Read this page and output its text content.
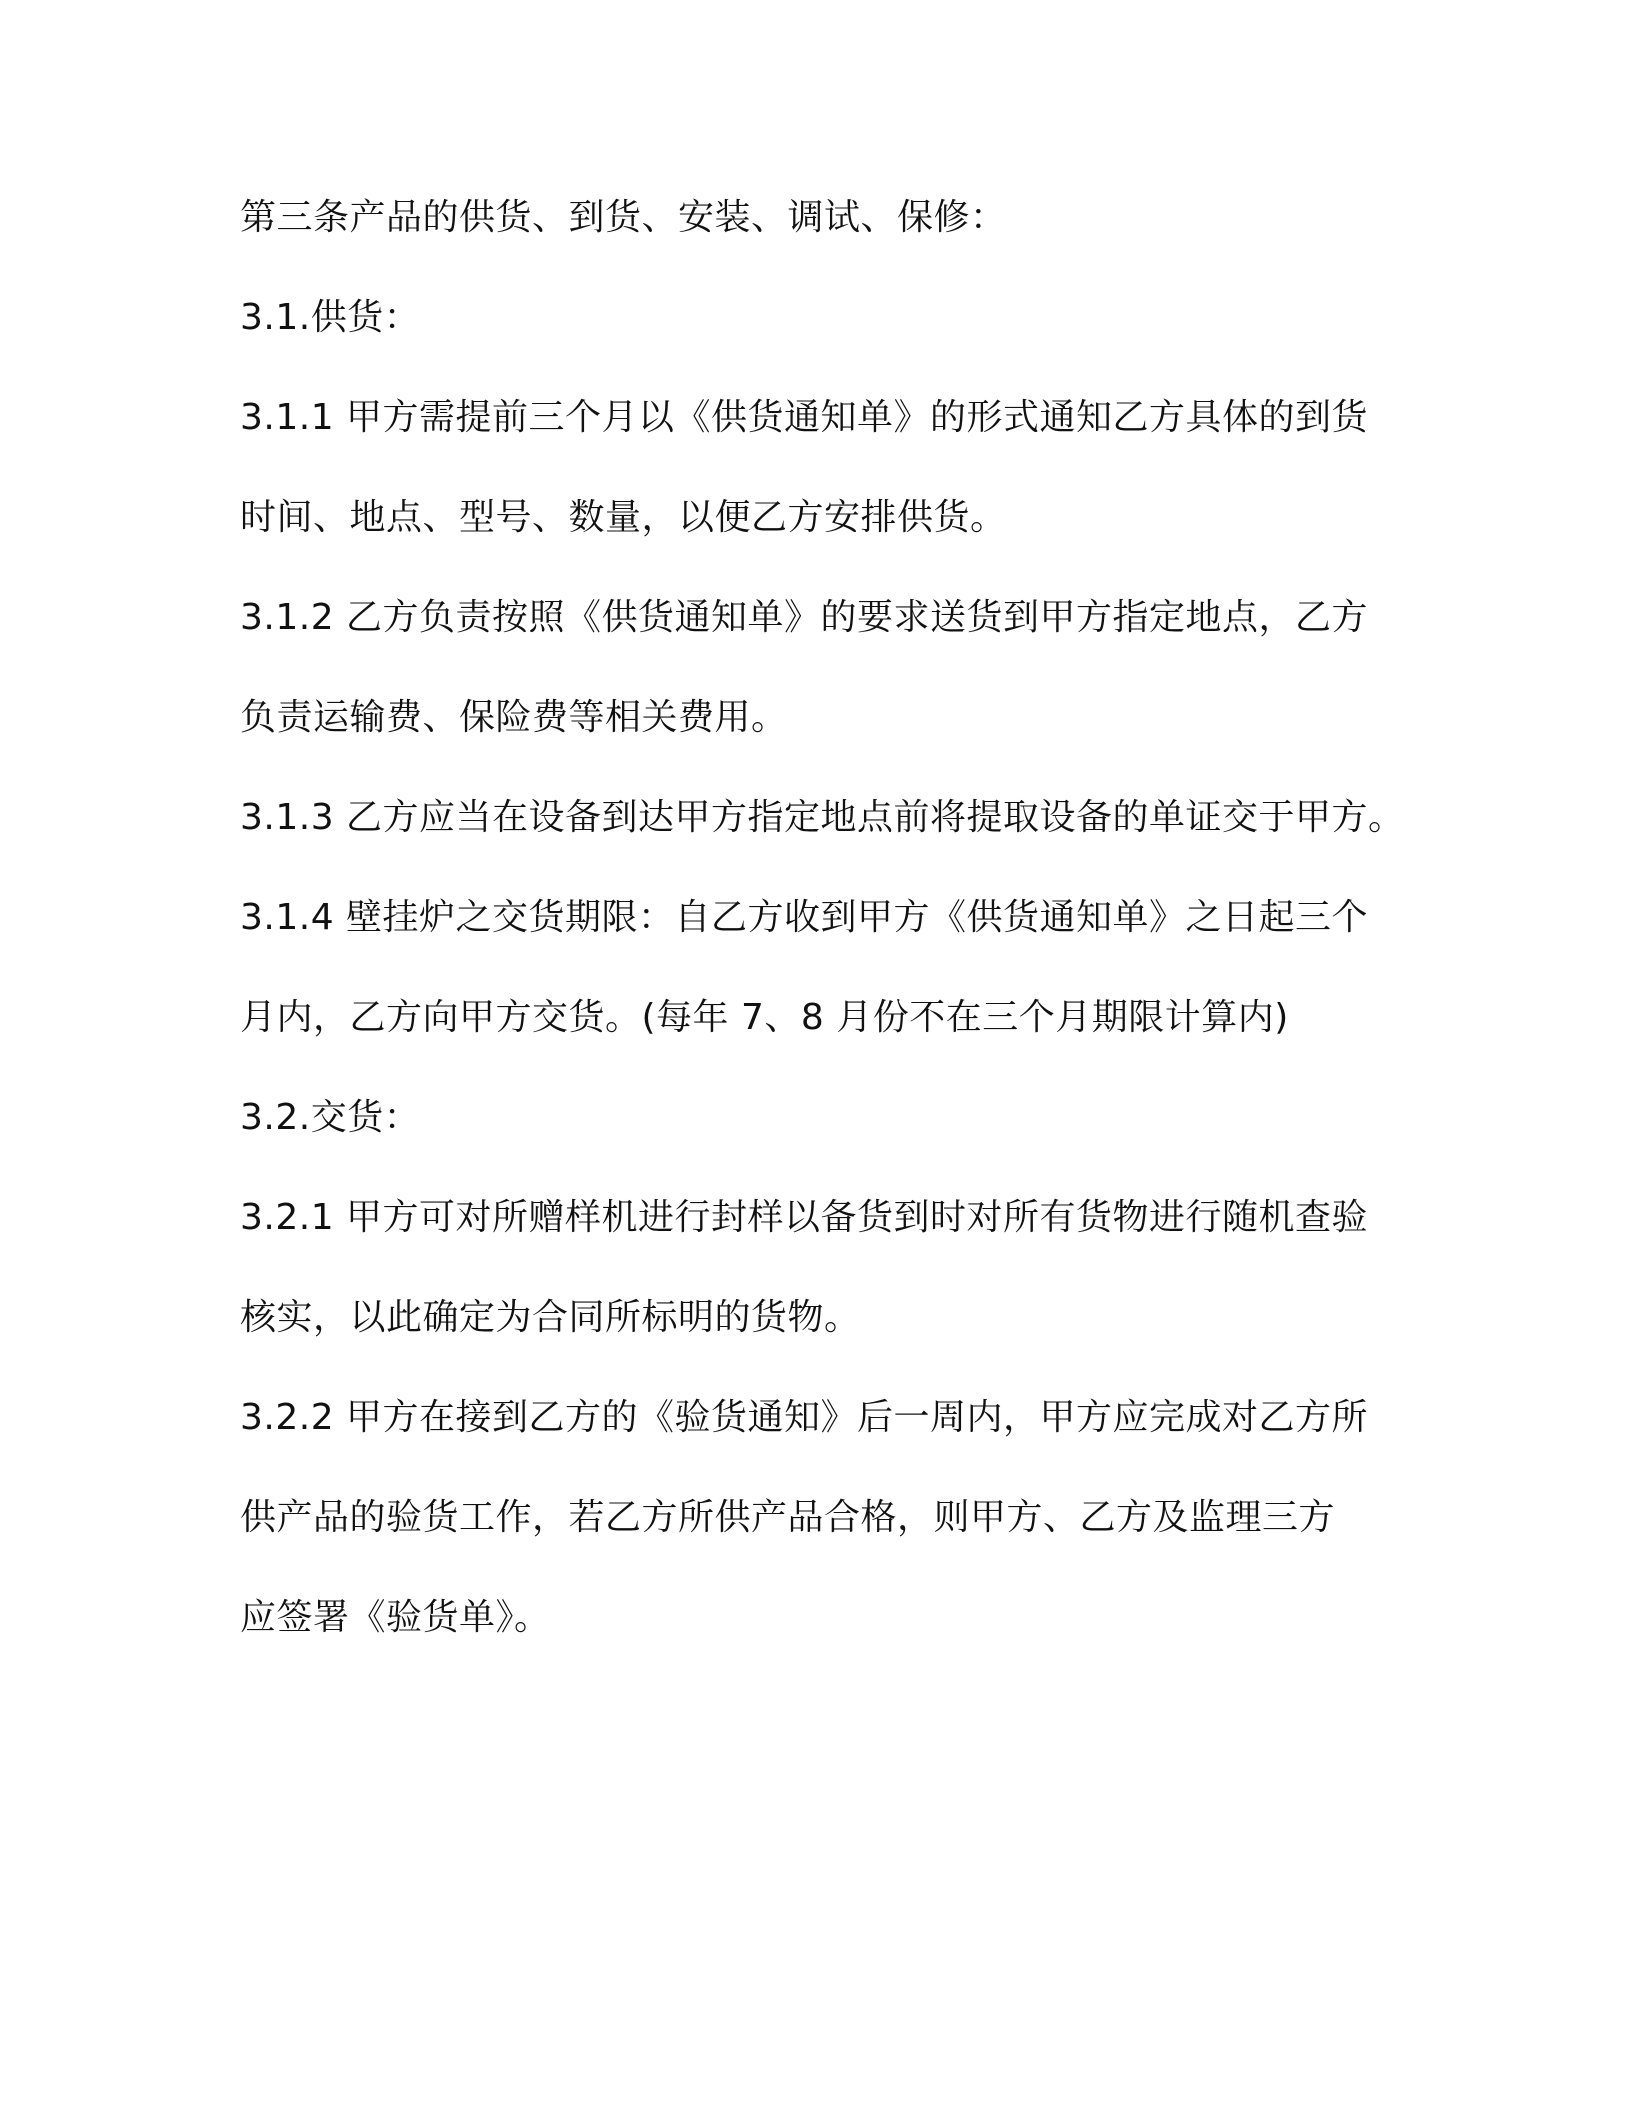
第三条产品的供货、到货、安装、调试、保修：
3.1.供货：
3.1.1 甲方需提前三个月以《供货通知单》的形式通知乙方具体的到货
时间、地点、型号、数量，以便乙方安排供货。
3.1.2 乙方负责按照《供货通知单》的要求送货到甲方指定地点，乙方
负责运输费、保险费等相关费用。
3.1.3 乙方应当在设备到达甲方指定地点前将提取设备的单证交于甲方。
3.1.4 壁挂炉之交货期限：自乙方收到甲方《供货通知单》之日起三个
月内，乙方向甲方交货。(每年 7、8 月份不在三个月期限计算内)
3.2.交货：
3.2.1 甲方可对所赠样机进行封样以备货到时对所有货物进行随机查验
核实，以此确定为合同所标明的货物。
3.2.2 甲方在接到乙方的《验货通知》后一周内，甲方应完成对乙方所
供产品的验货工作，若乙方所供产品合格，则甲方、乙方及监理三方
应签署《验货单》。
